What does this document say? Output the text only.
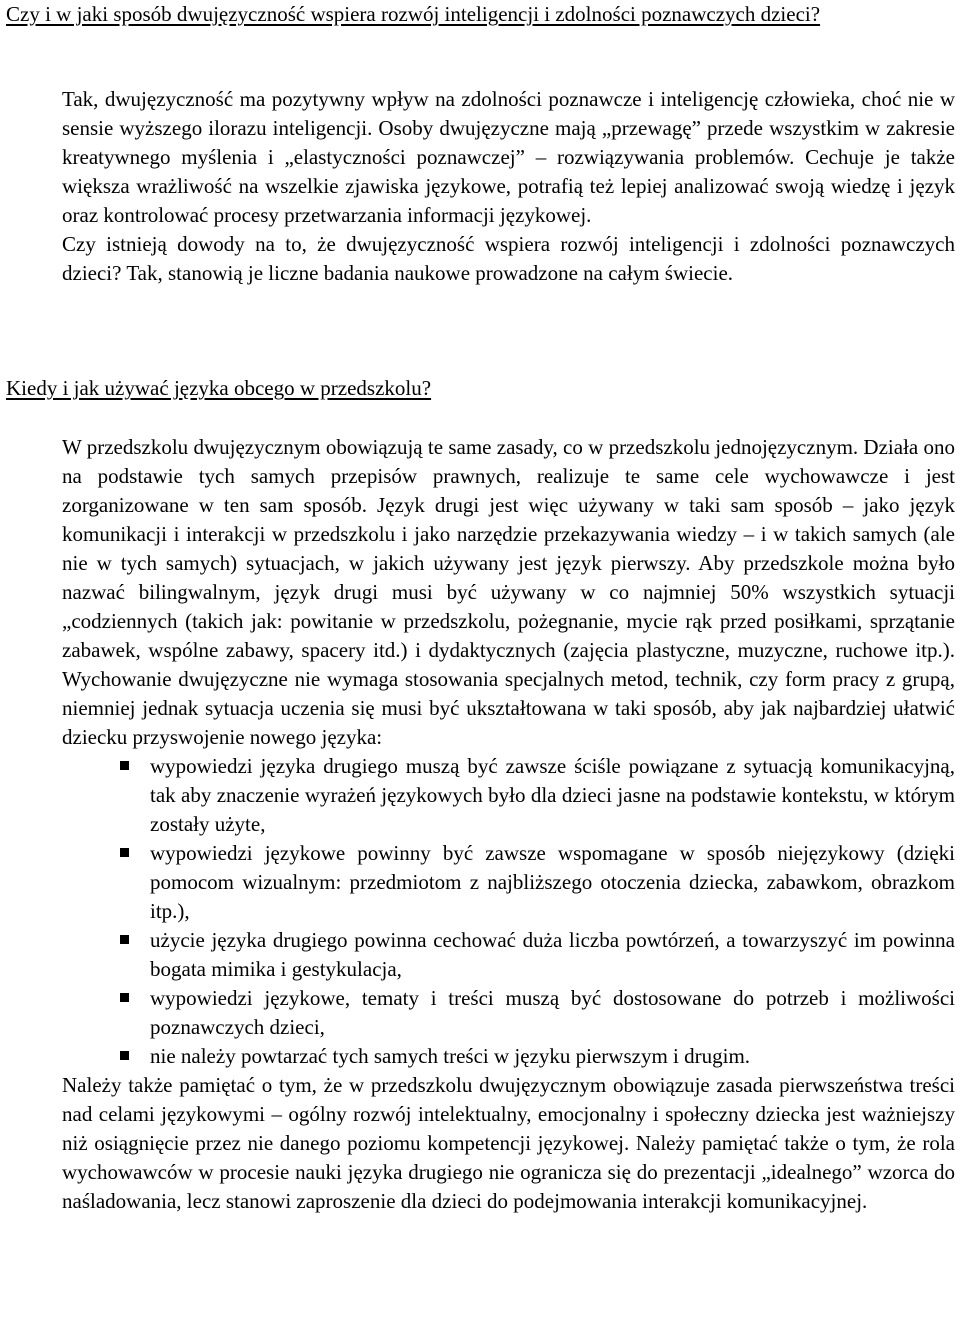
Czy i w jaki sposób dwujęzyczność wspiera rozwój inteligencji i zdolności poznawczych dzieci?

Tak, dwujęzyczność ma pozytywny wpływ na zdolności poznawcze i inteligencję człowieka, choć nie w sensie wyższego ilorazu inteligencji. Osoby dwujęzyczne mają „przewagę” przede wszystkim w zakresie kreatywnego myślenia i „elastyczności poznawczej” – rozwiązywania problemów. Cechuje je także większa wrażliwość na wszelkie zjawiska językowe, potrafią też lepiej analizować swoją wiedzę i język oraz kontrolować procesy przetwarzania informacji językowej.

Czy istnieją dowody na to, że dwujęzyczność wspiera rozwój inteligencji i zdolności poznawczych dzieci? Tak, stanowią je liczne badania naukowe prowadzone na całym świecie.

Kiedy i jak używać języka obcego w przedszkolu?

W przedszkolu dwujęzycznym obowiązują te same zasady, co w przedszkolu jednojęzycznym. Działa ono na podstawie tych samych przepisów prawnych, realizuje te same cele wychowawcze i jest zorganizowane w ten sam sposób. Język drugi jest więc używany w taki sam sposób – jako język komunikacji i interakcji w przedszkolu i jako narzędzie przekazywania wiedzy – i w takich samych (ale nie w tych samych) sytuacjach, w jakich używany jest język pierwszy. Aby przedszkole można było nazwać bilingwalnym, język drugi musi być używany w co najmniej 50% wszystkich sytuacji „codziennych (takich jak: powitanie w przedszkolu, pożegnanie, mycie rąk przed posiłkami, sprzątanie zabawek, wspólne zabawy, spacery itd.) i dydaktycznych (zajęcia plastyczne, muzyczne, ruchowe itp.). Wychowanie dwujęzyczne nie wymaga stosowania specjalnych metod, technik, czy form pracy z grupą, niemniej jednak sytuacja uczenia się musi być ukształtowana w taki sposób, aby jak najbardziej ułatwić dziecku przyswojenie nowego języka:

wypowiedzi języka drugiego muszą być zawsze ściśle powiązane z sytuacją komunikacyjną, tak aby znaczenie wyrażeń językowych było dla dzieci jasne na podstawie kontekstu, w którym zostały użyte,
wypowiedzi językowe powinny być zawsze wspomagane w sposób niejęzykowy (dzięki pomocom wizualnym: przedmiotom z najbliższego otoczenia dziecka, zabawkom, obrazkom itp.),
użycie języka drugiego powinna cechować duża liczba powtórzeń, a towarzyszyć im powinna bogata mimika i gestykulacja,
wypowiedzi językowe, tematy i treści muszą być dostosowane do potrzeb i możliwości poznawczych dzieci,
nie należy powtarzać tych samych treści w języku pierwszym i drugim.

Należy także pamiętać o tym, że w przedszkolu dwujęzycznym obowiązuje zasada pierwszeństwa treści nad celami językowymi – ogólny rozwój intelektualny, emocjonalny i społeczny dziecka jest ważniejszy niż osiągnięcie przez nie danego poziomu kompetencji językowej. Należy pamiętać także o tym, że rola wychowawców w procesie nauki języka drugiego nie ogranicza się do prezentacji „idealnego” wzorca do naśladowania, lecz stanowi zaproszenie dla dzieci do podejmowania interakcji komunikacyjnej.
